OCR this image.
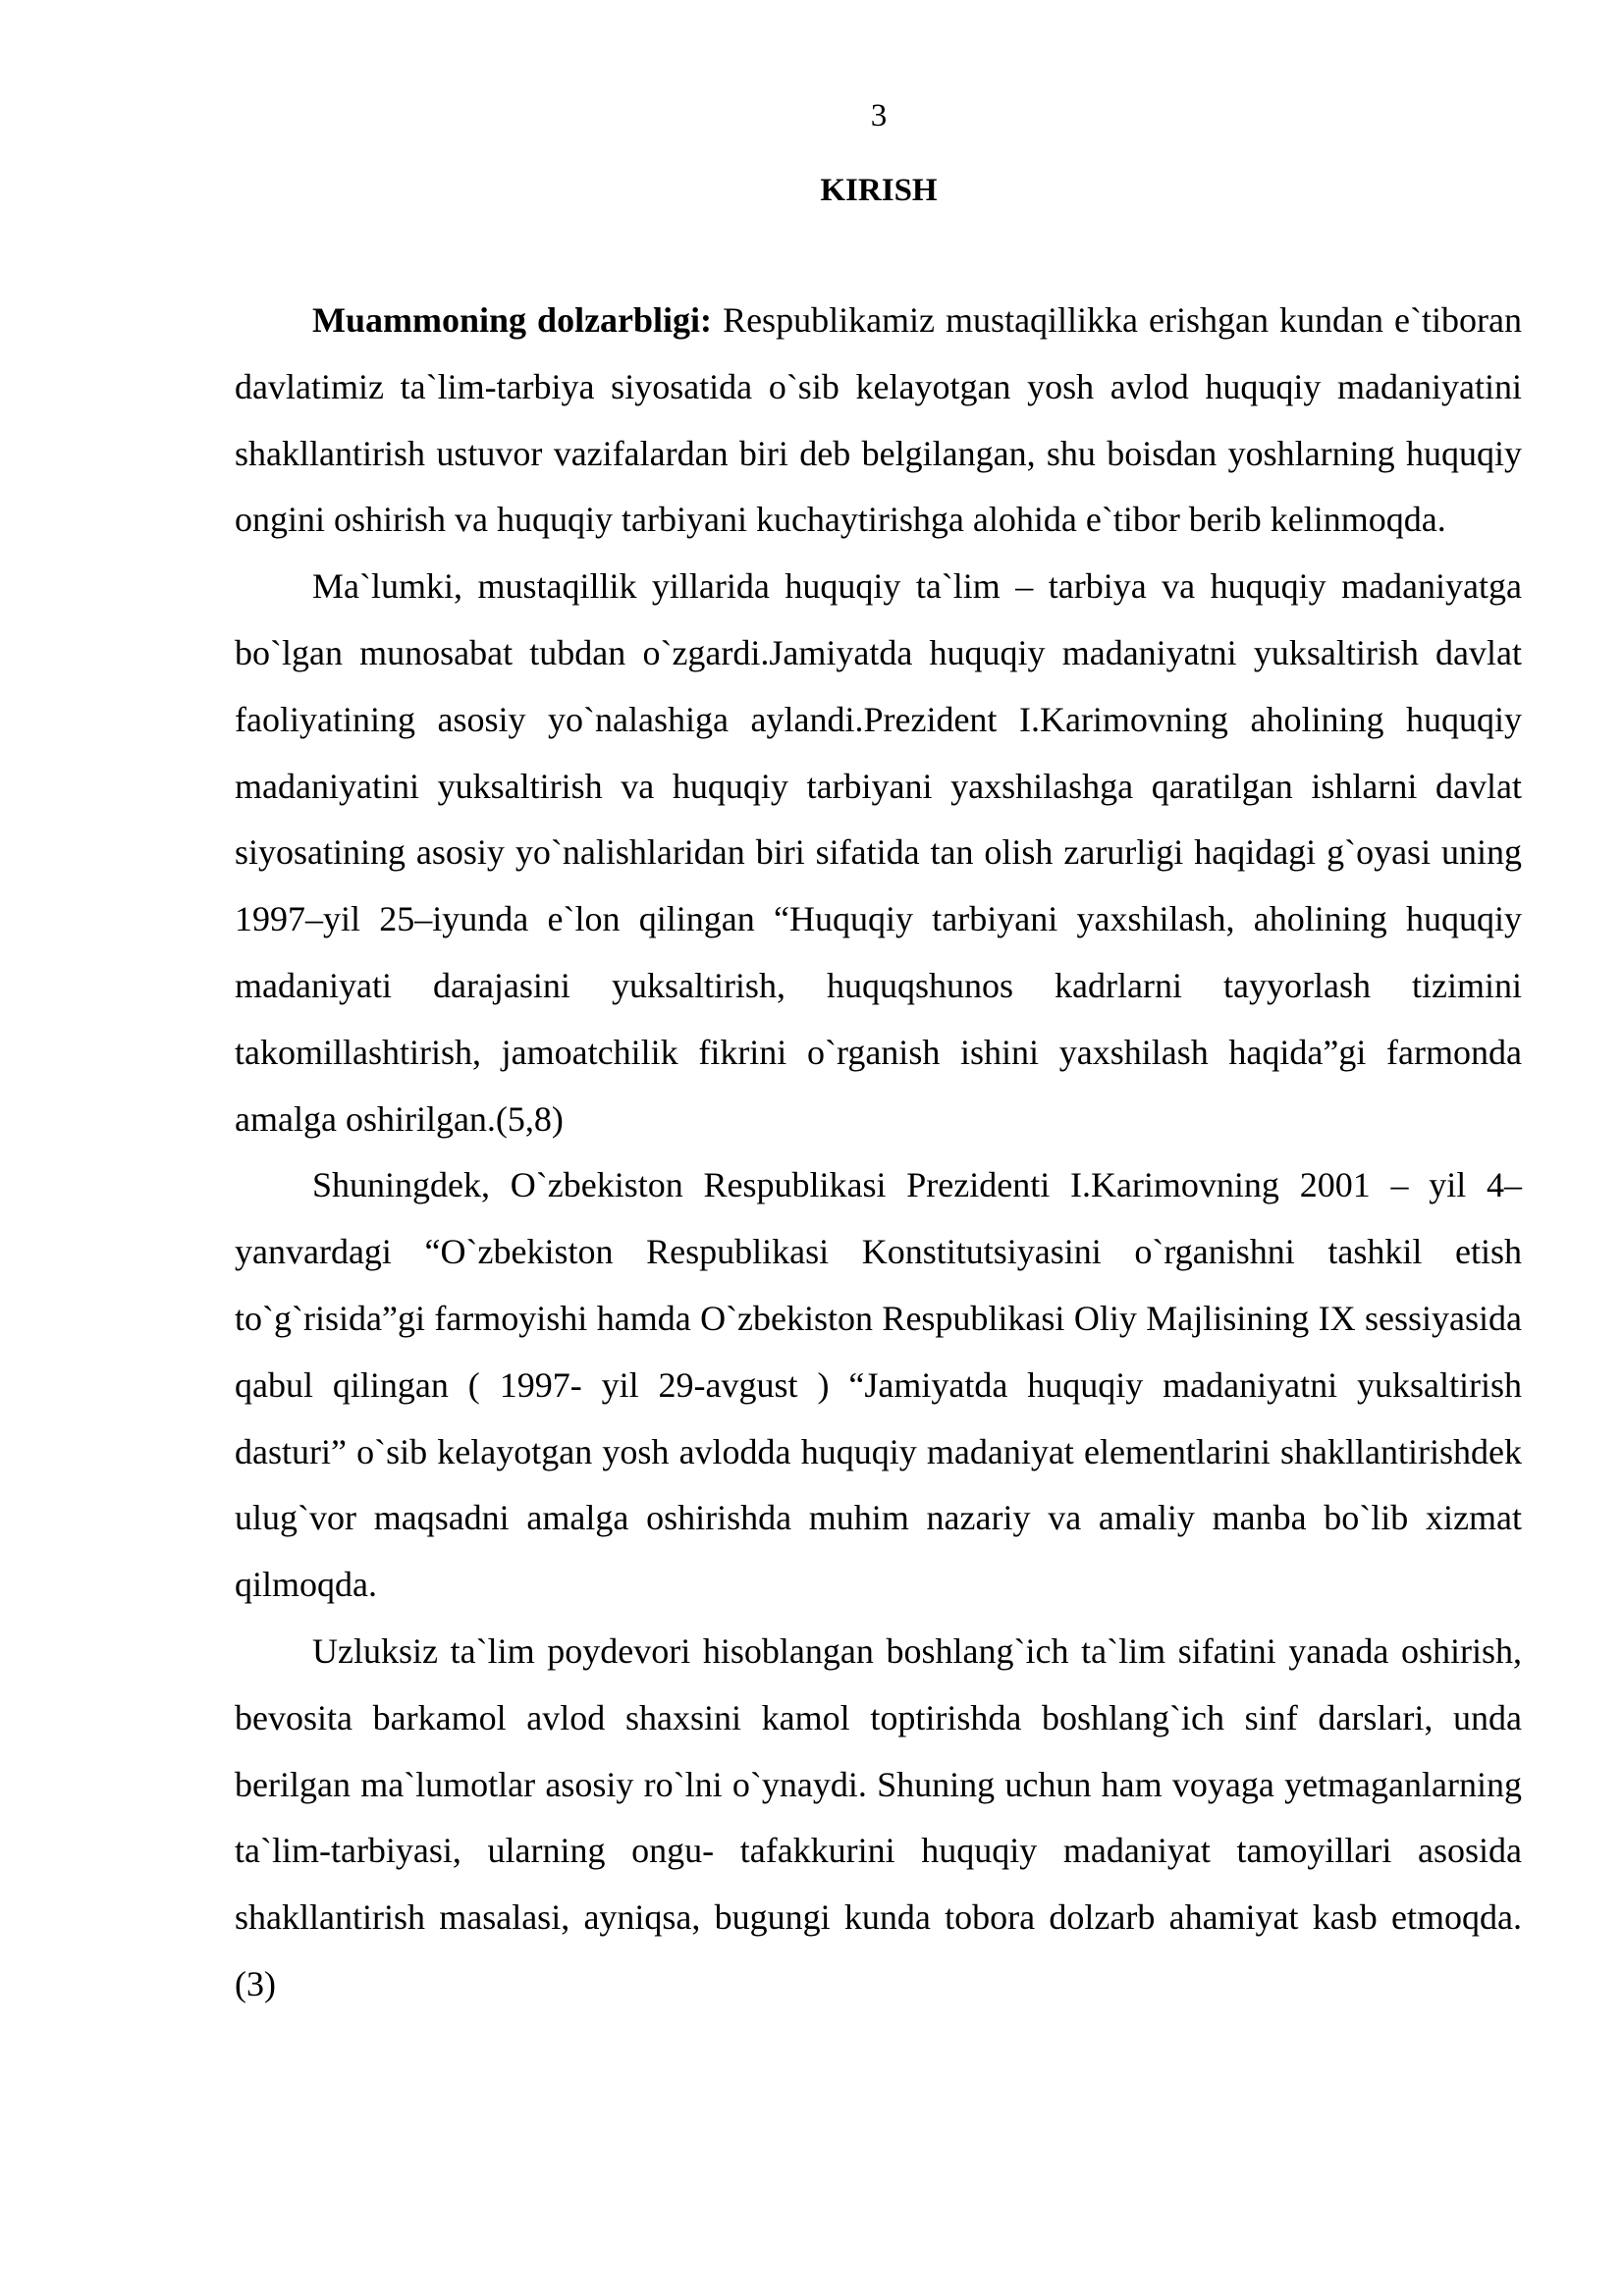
3
KIRISH

Muammoning dolzarbligi: Respublikamiz mustaqillikka erishgan kundan e`tiboran davlatimiz ta`lim-tarbiya siyosatida o`sib kelayotgan yosh avlod huquqiy madaniyatini shakllantirish ustuvor vazifalardan biri deb belgilangan, shu boisdan yoshlarning huquqiy ongini oshirish va huquqiy tarbiyani kuchaytirishga alohida e`tibor berib kelinmoqda.

Ma`lumki, mustaqillik yillarida huquqiy ta`lim – tarbiya va huquqiy madaniyatga bo`lgan munosabat tubdan o`zgardi.Jamiyatda huquqiy madaniyatni yuksaltirish davlat faoliyatining asosiy yo`nalashiga aylandi.Prezident I.Karimovning aholining huquqiy madaniyatini yuksaltirish va huquqiy tarbiyani yaxshilashga qaratilgan ishlarni davlat siyosatining asosiy yo`nalishlaridan biri sifatida tan olish zarurligi haqidagi g`oyasi uning 1997–yil 25–iyunda e`lon qilingan “Huquqiy tarbiyani yaxshilash, aholining huquqiy madaniyati darajasini yuksaltirish, huquqshunos kadrlarni tayyorlash tizimini takomillashtirish, jamoatchilik fikrini o`rganish ishini yaxshilash haqida”gi farmonda amalga oshirilgan.(5,8)

Shuningdek, O`zbekiston Respublikasi Prezidenti I.Karimovning 2001 – yil 4–yanvardagi “O`zbekiston Respublikasi Konstitutsiyasini o`rganishni tashkil etish to`g`risida”gi farmoyishi hamda O`zbekiston Respublikasi Oliy Majlisining IX sessiyasida qabul qilingan ( 1997- yil 29-avgust ) “Jamiyatda huquqiy madaniyatni yuksaltirish dasturi” o`sib kelayotgan yosh avlodda huquqiy madaniyat elementlarini shakllantirishdek ulug`vor maqsadni amalga oshirishda muhim nazariy va amaliy manba bo`lib xizmat qilmoqda.

Uzluksiz ta`lim poydevori hisoblangan boshlang`ich ta`lim sifatini yanada oshirish, bevosita barkamol avlod shaxsini kamol toptirishda boshlang`ich sinf darslari, unda berilgan ma`lumotlar asosiy ro`lni o`ynaydi. Shuning uchun ham voyaga yetmaganlarning ta`lim-tarbiyasi, ularning ongu- tafakkurini huquqiy madaniyat tamoyillari asosida shakllantirish masalasi, ayniqsa, bugungi kunda tobora dolzarb ahamiyat kasb etmoqda. (3)
